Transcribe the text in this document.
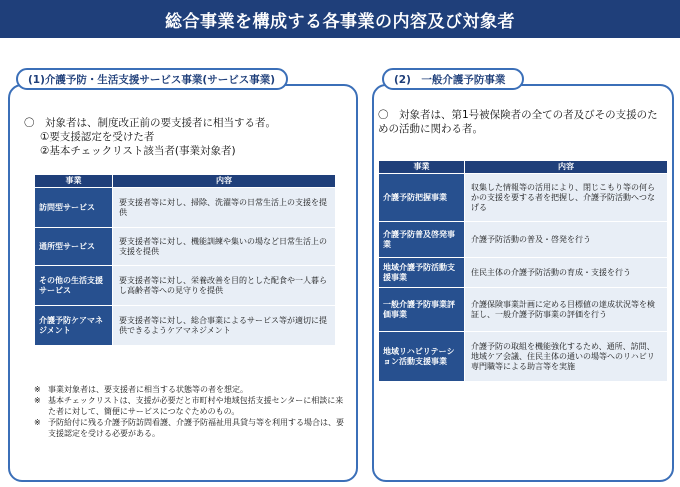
総合事業を構成する各事業の内容及び対象者
(1)介護予防・生活支援サービス事業(サービス事業)
〇　対象者は、制度改正前の要支援者に相当する者。
①要支援認定を受けた者
②基本チェックリスト該当者(事業対象者)
事業	内容
訪問型サービス	要支援者等に対し、掃除、洗濯等の日常生活上の支援を提供
通所型サービス	要支援者等に対し、機能訓練や集いの場など日常生活上の支援を提供
その他の生活支援サービス	要支援者等に対し、栄養改善を目的とした配食や一人暮らし高齢者等への見守りを提供
介護予防ケアマネジメント	要支援者等に対し、総合事業によるサービス等が適切に提供できるようケアマネジメント
※ 事業対象者は、要支援者に相当する状態等の者を想定。
※ 基本チェックリストは、支援が必要だと市町村や地域包括支援センターに相談に来た者に対して、簡便にサービスにつなぐためのもの。
※ 予防給付に残る介護予防訪問看護、介護予防福祉用具貸与等を利用する場合は、要支援認定を受ける必要がある。
(2)　一般介護予防事業
〇　対象者は、第1号被保険者の全ての者及びその支援のための活動に関わる者。
事業	内容
介護予防把握事業	収集した情報等の活用により、閉じこもり等の何らかの支援を要する者を把握し、介護予防活動へつなげる
介護予防普及啓発事業	介護予防活動の普及・啓発を行う
地域介護予防活動支援事業	住民主体の介護予防活動の育成・支援を行う
一般介護予防事業評価事業	介護保険事業計画に定める目標値の達成状況等を検証し、一般介護予防事業の評価を行う
地域リハビリテーション活動支援事業	介護予防の取組を機能強化するため、通所、訪問、地域ケア会議、住民主体の通いの場等へのリハビリ専門職等による助言等を実施
